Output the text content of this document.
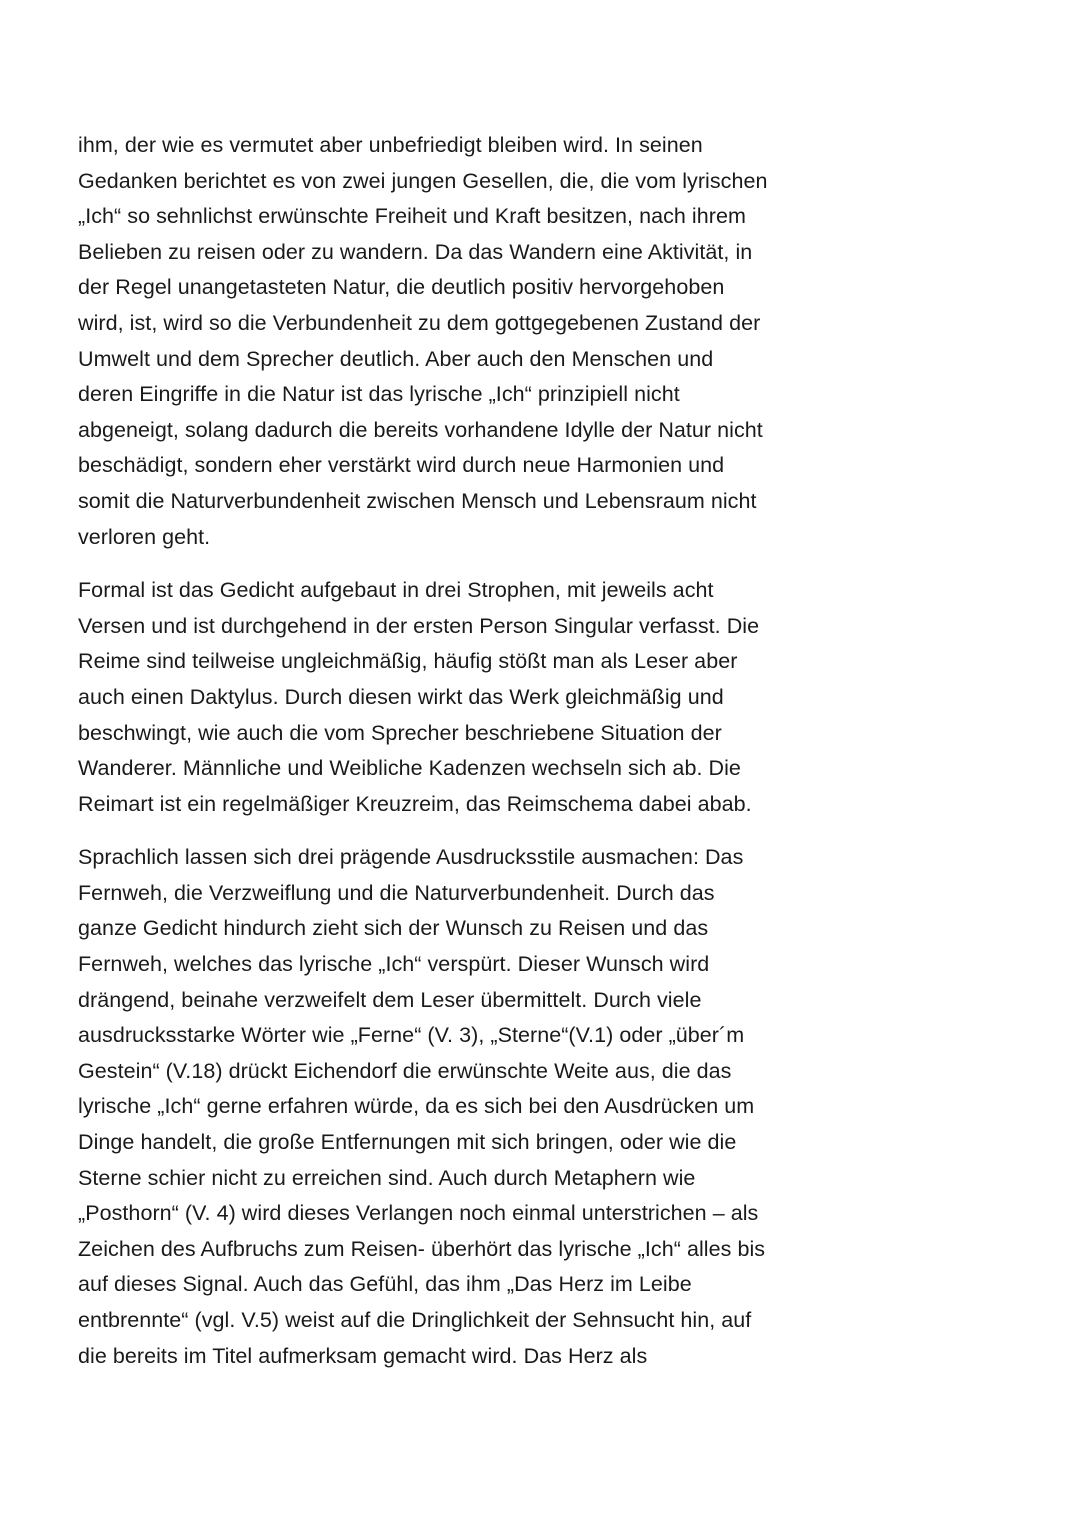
ihm, der wie es vermutet aber unbefriedigt bleiben wird. In seinen
Gedanken berichtet es von zwei jungen Gesellen, die, die vom lyrischen
„Ich“ so sehnlichst erwünschte Freiheit und Kraft besitzen, nach ihrem
Belieben zu reisen oder zu wandern. Da das Wandern eine Aktivität, in
der Regel unangetasteten Natur, die deutlich positiv hervorgehoben
wird, ist, wird so die Verbundenheit zu dem gottgegebenen Zustand der
Umwelt und dem Sprecher deutlich. Aber auch den Menschen und
deren Eingriffe in die Natur ist das lyrische „Ich“ prinzipiell nicht
abgeneigt, solang dadurch die bereits vorhandene Idylle der Natur nicht
beschädigt, sondern eher verstärkt wird durch neue Harmonien und
somit die Naturverbundenheit zwischen Mensch und Lebensraum nicht
verloren geht.

Formal ist das Gedicht aufgebaut in drei Strophen, mit jeweils acht
Versen und ist durchgehend in der ersten Person Singular verfasst. Die
Reime sind teilweise ungleichmäßig, häufig stößt man als Leser aber
auch einen Daktylus. Durch diesen wirkt das Werk gleichmäßig und
beschwingt, wie auch die vom Sprecher beschriebene Situation der
Wanderer. Männliche und Weibliche Kadenzen wechseln sich ab. Die
Reimart ist ein regelmäßiger Kreuzreim, das Reimschema dabei abab.

Sprachlich lassen sich drei prägende Ausdrucksstile ausmachen: Das
Fernweh, die Verzweiflung und die Naturverbundenheit. Durch das
ganze Gedicht hindurch zieht sich der Wunsch zu Reisen und das
Fernweh, welches das lyrische „Ich“ verspürt. Dieser Wunsch wird
drängend, beinahe verzweifelt dem Leser übermittelt. Durch viele
ausdrucksstarke Wörter wie „Ferne“ (V. 3), „Sterne“(V.1) oder „über´m
Gestein“ (V.18) drückt Eichendorf die erwünschte Weite aus, die das
lyrische „Ich“ gerne erfahren würde, da es sich bei den Ausdrücken um
Dinge handelt, die große Entfernungen mit sich bringen, oder wie die
Sterne schier nicht zu erreichen sind. Auch durch Metaphern wie
„Posthorn“ (V. 4) wird dieses Verlangen noch einmal unterstrichen – als
Zeichen des Aufbruchs zum Reisen- überhört das lyrische „Ich“ alles bis
auf dieses Signal. Auch das Gefühl, das ihm „Das Herz im Leibe
entbrennte“ (vgl. V.5) weist auf die Dringlichkeit der Sehnsucht hin, auf
die bereits im Titel aufmerksam gemacht wird. Das Herz als
